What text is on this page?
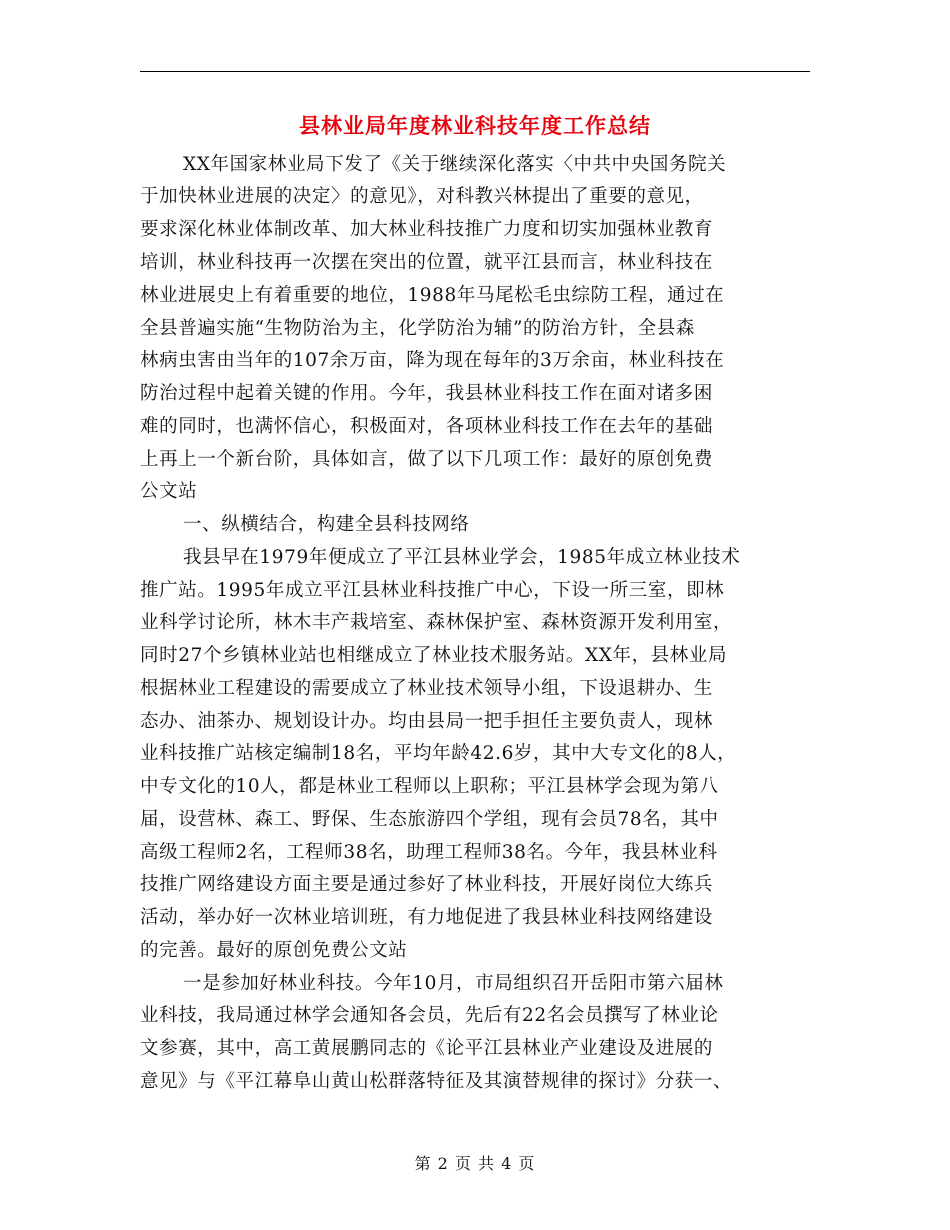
县林业局年度林业科技年度工作总结
XX年国家林业局下发了《关于继续深化落实〈中共中央国务院关
于加快林业进展的决定〉的意见》，对科教兴林提出了重要的意见，
要求深化林业体制改革、加大林业科技推广力度和切实加强林业教育
培训，林业科技再一次摆在突出的位置，就平江县而言，林业科技在
林业进展史上有着重要的地位，1988年马尾松毛虫综防工程，通过在
全县普遍实施“生物防治为主，化学防治为辅”的防治方针，全县森
林病虫害由当年的107余万亩，降为现在每年的3万余亩，林业科技在
防治过程中起着关键的作用。今年，我县林业科技工作在面对诸多困
难的同时，也满怀信心，积极面对，各项林业科技工作在去年的基础
上再上一个新台阶，具体如言，做了以下几项工作：最好的原创免费
公文站
一、纵横结合，构建全县科技网络
我县早在1979年便成立了平江县林业学会，1985年成立林业技术
推广站。1995年成立平江县林业科技推广中心，下设一所三室，即林
业科学讨论所，林木丰产栽培室、森林保护室、森林资源开发利用室，
同时27个乡镇林业站也相继成立了林业技术服务站。XX年，县林业局
根据林业工程建设的需要成立了林业技术领导小组，下设退耕办、生
态办、油茶办、规划设计办。均由县局一把手担任主要负责人，现林
业科技推广站核定编制18名，平均年龄42.6岁，其中大专文化的8人，
中专文化的10人，都是林业工程师以上职称；平江县林学会现为第八
届，设营林、森工、野保、生态旅游四个学组，现有会员78名，其中
高级工程师2名，工程师38名，助理工程师38名。今年，我县林业科
技推广网络建设方面主要是通过参好了林业科技，开展好岗位大练兵
活动，举办好一次林业培训班，有力地促进了我县林业科技网络建设
的完善。最好的原创免费公文站
一是参加好林业科技。今年10月，市局组织召开岳阳市第六届林
业科技，我局通过林学会通知各会员，先后有22名会员撰写了林业论
文参赛，其中，高工黄展鹏同志的《论平江县林业产业建设及进展的
意见》与《平江幕阜山黄山松群落特征及其演替规律的探讨》分获一、
第 2 页 共 4 页
